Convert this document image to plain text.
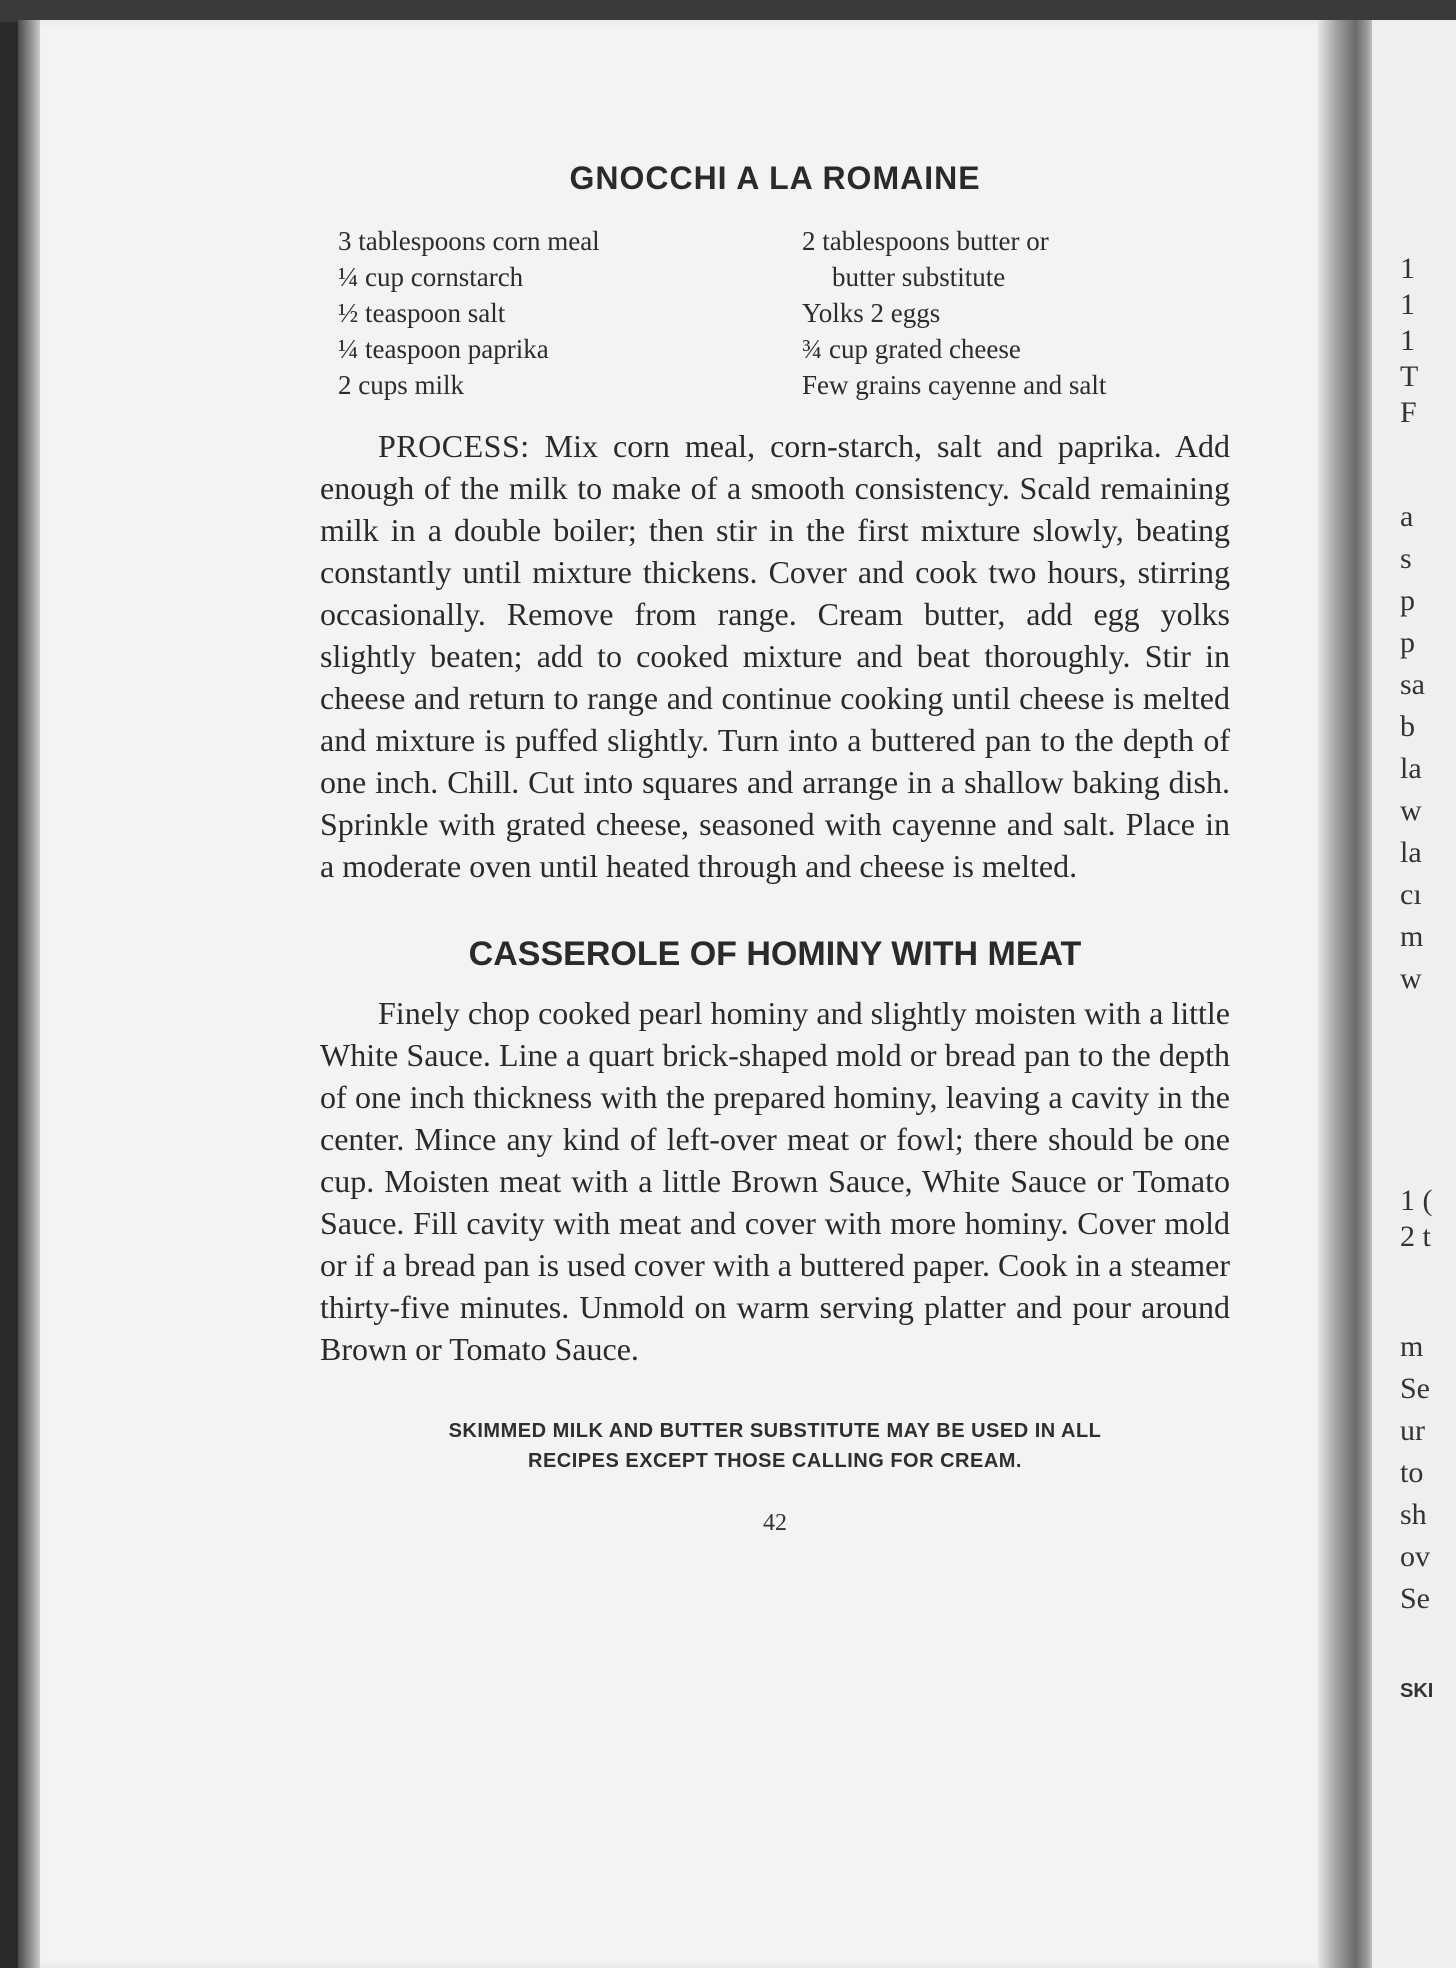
GNOCCHI A LA ROMAINE
3 tablespoons corn meal
¼ cup cornstarch
½ teaspoon salt
¼ teaspoon paprika
2 cups milk
2 tablespoons butter or
butter substitute
Yolks 2 eggs
¾ cup grated cheese
Few grains cayenne and salt

PROCESS: Mix corn meal, corn-starch, salt and paprika. Add enough of the milk to make of a smooth consistency. Scald remaining milk in a double boiler; then stir in the first mixture slowly, beating constantly until mixture thickens. Cover and cook two hours, stirring occasionally. Remove from range. Cream butter, add egg yolks slightly beaten; add to cooked mixture and beat thoroughly. Stir in cheese and return to range and continue cooking until cheese is melted and mixture is puffed slightly. Turn into a buttered pan to the depth of one inch. Chill. Cut into squares and arrange in a shallow baking dish. Sprinkle with grated cheese, seasoned with cayenne and salt. Place in a moderate oven until heated through and cheese is melted.

CASSEROLE OF HOMINY WITH MEAT

Finely chop cooked pearl hominy and slightly moisten with a little White Sauce. Line a quart brick-shaped mold or bread pan to the depth of one inch thickness with the prepared hominy, leaving a cavity in the center. Mince any kind of left-over meat or fowl; there should be one cup. Moisten meat with a little Brown Sauce, White Sauce or Tomato Sauce. Fill cavity with meat and cover with more hominy. Cover mold or if a bread pan is used cover with a buttered paper. Cook in a steamer thirty-five minutes. Unmold on warm serving platter and pour around Brown or Tomato Sauce.

SKIMMED MILK AND BUTTER SUBSTITUTE MAY BE USED IN ALL
RECIPES EXCEPT THOSE CALLING FOR CREAM.
42
1
1
1
T
F
a
s
p
p
sa
b
la
w
la
cı
m
w
1 (
2 t
m
Se
ur
to
sh
ov
Se
SKI
